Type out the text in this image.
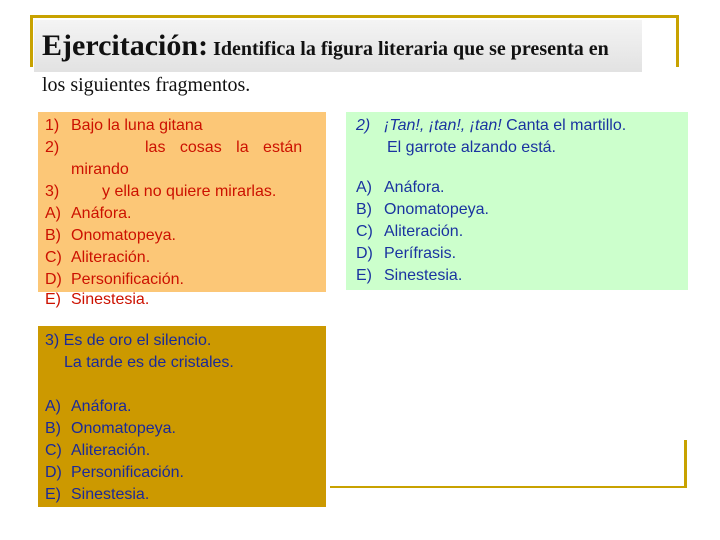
Ejercitación: Identifica la figura literaria que se presenta en

los siguientes fragmentos.

1) Bajo la luna gitana
2)	las cosas la están
mirando
3)	y ella no quiere mirarlas.
A) Anáfora.
B) Onomatopeya.
C) Aliteración.
D) Personificación.
E) Sinestesia.
2) ¡Tan!, ¡tan!, ¡tan! Canta el martillo.
El garrote alzando está.
A) Anáfora.
B) Onomatopeya.
C) Aliteración.
D) Perífrasis.
E) Sinestesia.
3) Es de oro el silencio.
La tarde es de cristales.
A) Anáfora.
B) Onomatopeya.
C) Aliteración.
D) Personificación.
E) Sinestesia.
